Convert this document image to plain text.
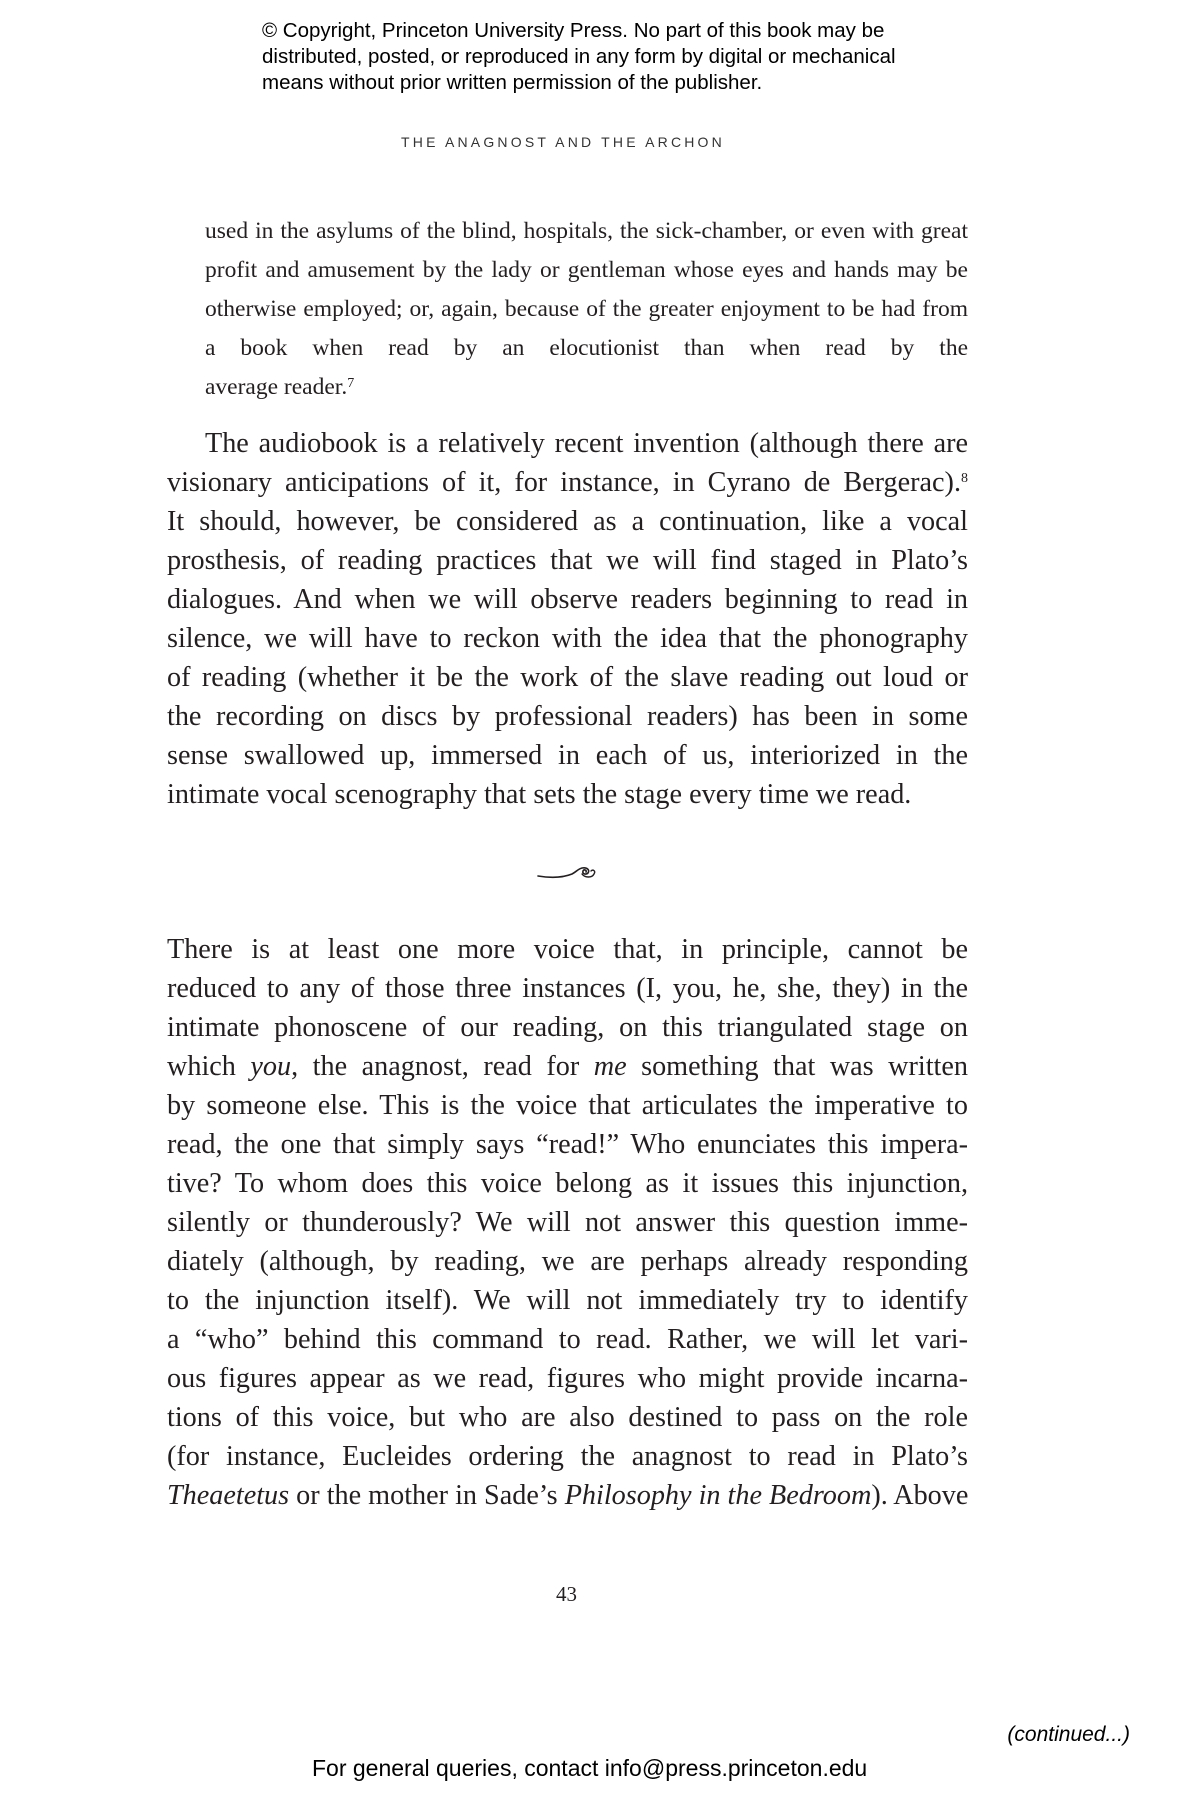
© Copyright, Princeton University Press. No part of this book may be
distributed, posted, or reproduced in any form by digital or mechanical
means without prior written permission of the publisher.
THE ANAGNOST AND THE ARCHON
used in the asylums of the blind, hospitals, the sick-chamber, or even with great profit and amusement by the lady or gentleman whose eyes and hands may be otherwise employed; or, again, because of the greater enjoyment to be had from a book when read by an elocutionist than when read by the
average reader.$^7$
The audiobook is a relatively recent invention (although there are
visionary anticipations of it, for instance, in Cyrano de Bergerac).$^8$
It should, however, be considered as a continuation, like a vocal
prosthesis, of reading practices that we will find staged in Plato’s
dialogues. And when we will observe readers beginning to read in
silence, we will have to reckon with the idea that the phonography
of reading (whether it be the work of the slave reading out loud or
the recording on discs by professional readers) has been in some
sense swallowed up, immersed in each of us, interiorized in the
intimate vocal scenography that sets the stage every time we read.
There is at least one more voice that, in principle, cannot be
reduced to any of those three instances (I, you, he, she, they) in the
intimate phonoscene of our reading, on this triangulated stage on
which you, the anagnost, read for me something that was written
by someone else. This is the voice that articulates the imperative to
read, the one that simply says “read!” Who enunciates this impera-
tive? To whom does this voice belong as it issues this injunction,
silently or thunderously? We will not answer this question imme-
diately (although, by reading, we are perhaps already responding
to the injunction itself). We will not immediately try to identify
a “who” behind this command to read. Rather, we will let vari-
ous figures appear as we read, figures who might provide incarna-
tions of this voice, but who are also destined to pass on the role
(for instance, Eucleides ordering the anagnost to read in Plato’s
Theaetetus or the mother in Sade’s Philosophy in the Bedroom). Above
43
(continued...)
For general queries, contact info@press.princeton.edu
